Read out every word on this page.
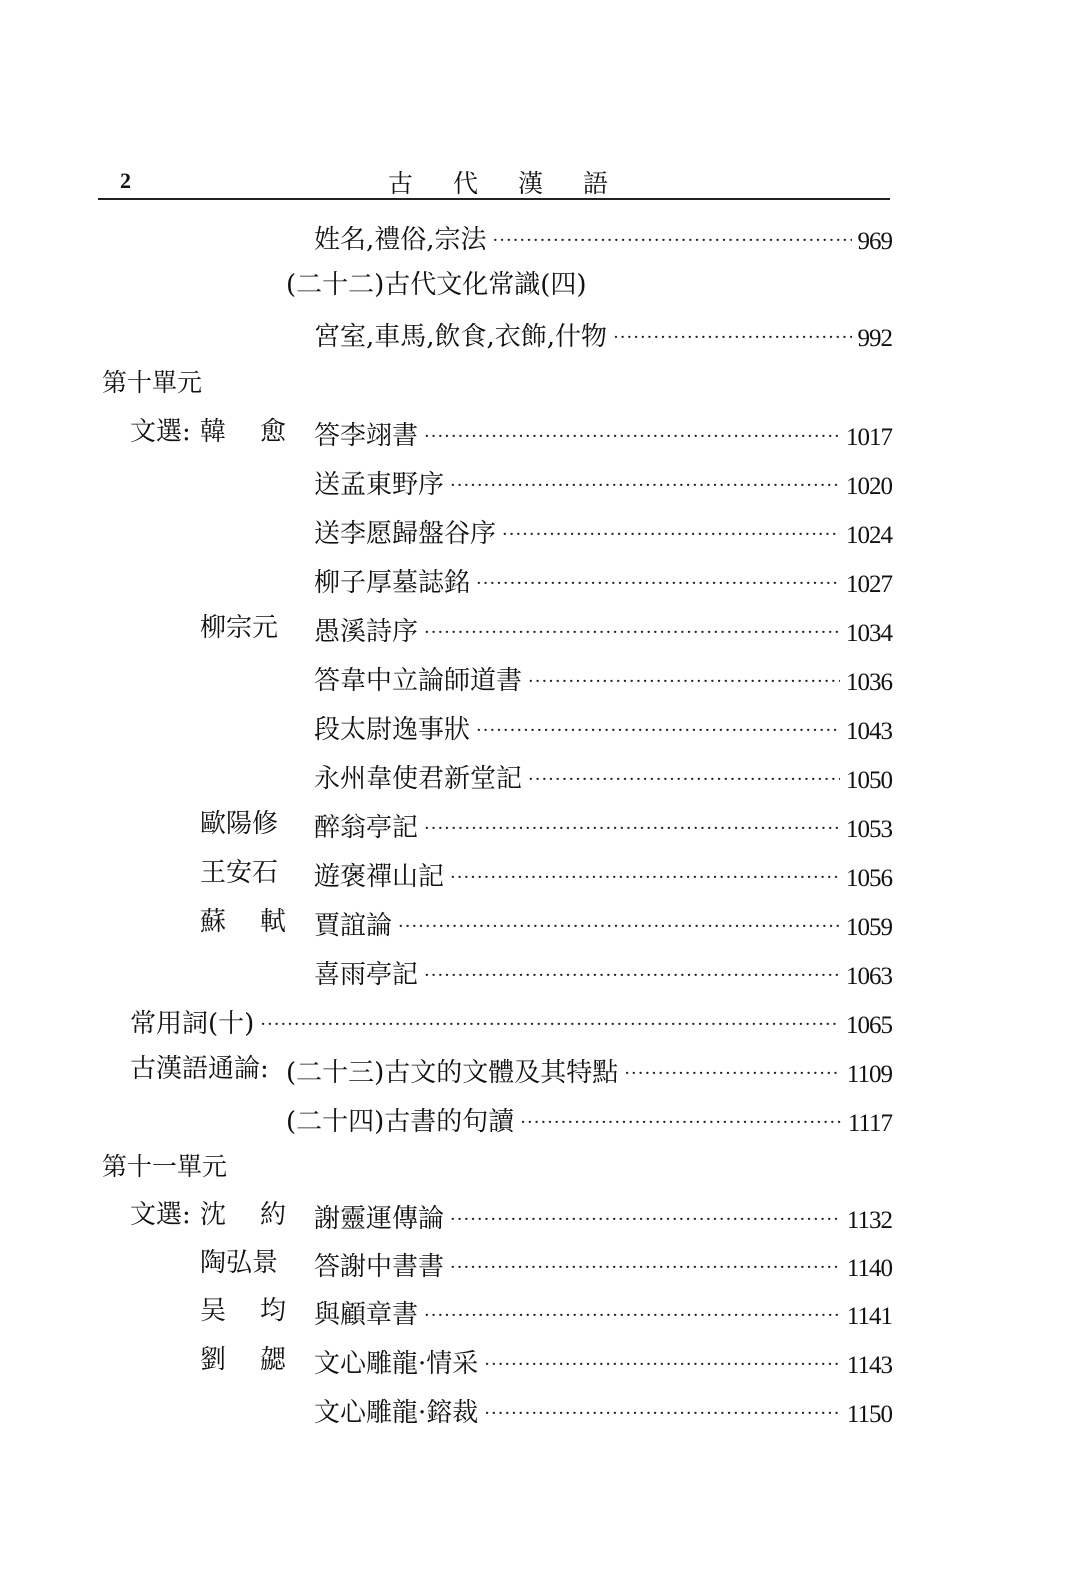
2	古代漢語
姓名,禮俗,宗法 ·····	969
(二十二)古代文化常識(四)
宮室,車馬,飲食,衣飾,什物 ·····	992
第十單元
文選: 韓 愈 答李翊書 ·····	1017
送孟東野序 ·····	1020
送李愿歸盤谷序 ·····	1024
柳子厚墓誌銘 ·····	1027
柳宗元 愚溪詩序 ·····	1034
答韋中立論師道書 ·····	1036
段太尉逸事狀 ·····	1043
永州韋使君新堂記 ·····	1050
歐陽修 醉翁亭記 ·····	1053
王安石 遊褒禪山記 ·····	1056
蘇 軾 賈誼論 ·····	1059
喜雨亭記 ·····	1063
常用詞(十) ·····	1065
古漢語通論: (二十三)古文的文體及其特點 ·····	1109
(二十四)古書的句讀 ·····	1117
第十一單元
文選: 沈 約 謝靈運傳論 ·····	1132
陶弘景 答謝中書書 ·····	1140
吴 均 與顧章書 ·····	1141
劉 勰 文心雕龍·情采 ·····	1143
文心雕龍·鎔裁 ·····	1150
